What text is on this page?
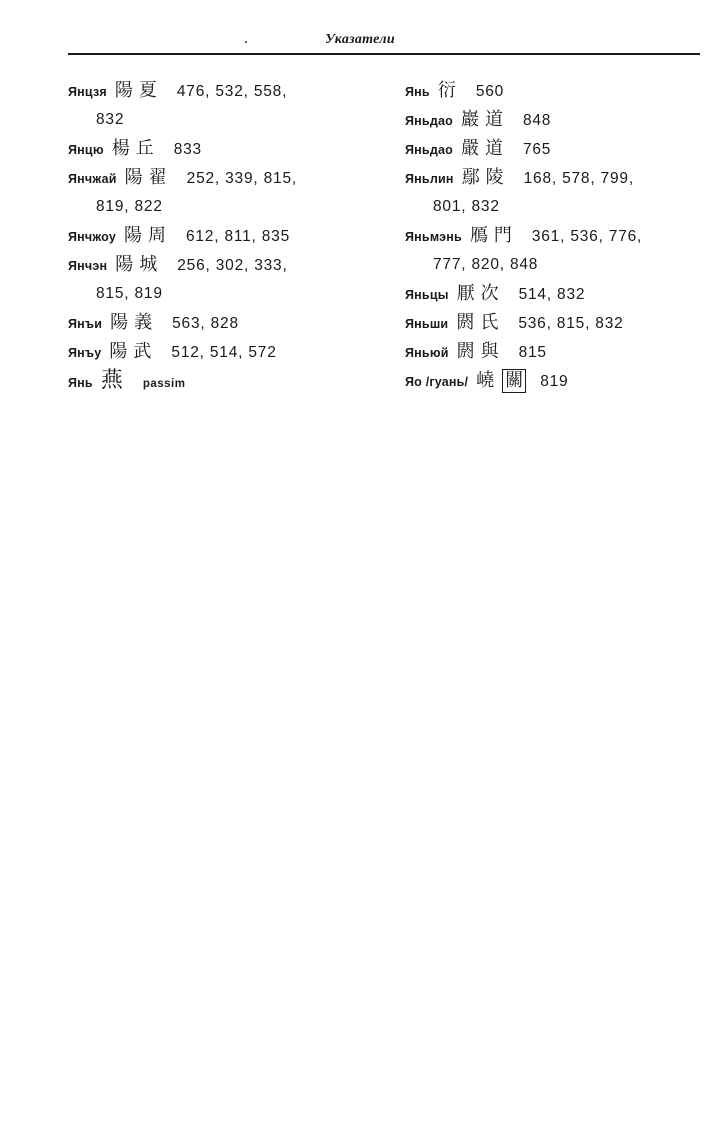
Указатели
Янцзя 陽夏 476, 532, 558,
832
Янцю 楊丘 833
Янчжай 陽翟 252, 339, 815,
819, 822
Янчжоу 陽周 612, 811, 835
Янчэн 陽城 256, 302, 333,
815, 819
Янъи 陽義 563, 828
Янъу 陽武 512, 514, 572
Янь 燕 passim
Янь 衍 560
Яньдао 巖道 848
Яньдао 嚴道 765
Яньлин 鄢陵 168, 578, 799,
801, 832
Яньмэнь 鴈門 361, 536, 776,
777, 820, 848
Яньцы 厭次 514, 832
Яньши 閼氏 536, 815, 832
Яньюй 閼與 815
Яо /гуань/ 嶢 關 819
